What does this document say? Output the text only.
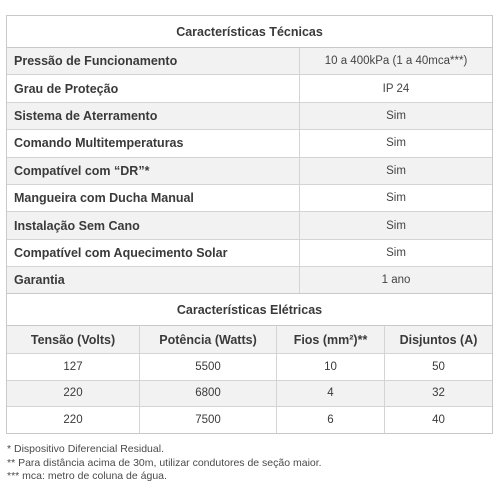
Características Técnicas
Pressão de Funcionamento	10 a 400kPa (1 a 40mca***)
Grau de Proteção	IP 24
Sistema de Aterramento	Sim
Comando Multitemperaturas	Sim
Compatível com “DR”*	Sim
Mangueira com Ducha Manual	Sim
Instalação Sem Cano	Sim
Compatível com Aquecimento Solar	Sim
Garantia	1 ano
Características Elétricas
Tensão (Volts)	Potência (Watts)	Fios (mm²)**	Disjuntos (A)
127	5500	10	50
220	6800	4	32
220	7500	6	40
* Dispositivo Diferencial Residual.
** Para distância acima de 30m, utilizar condutores de seção maior.
*** mca: metro de coluna de água.
